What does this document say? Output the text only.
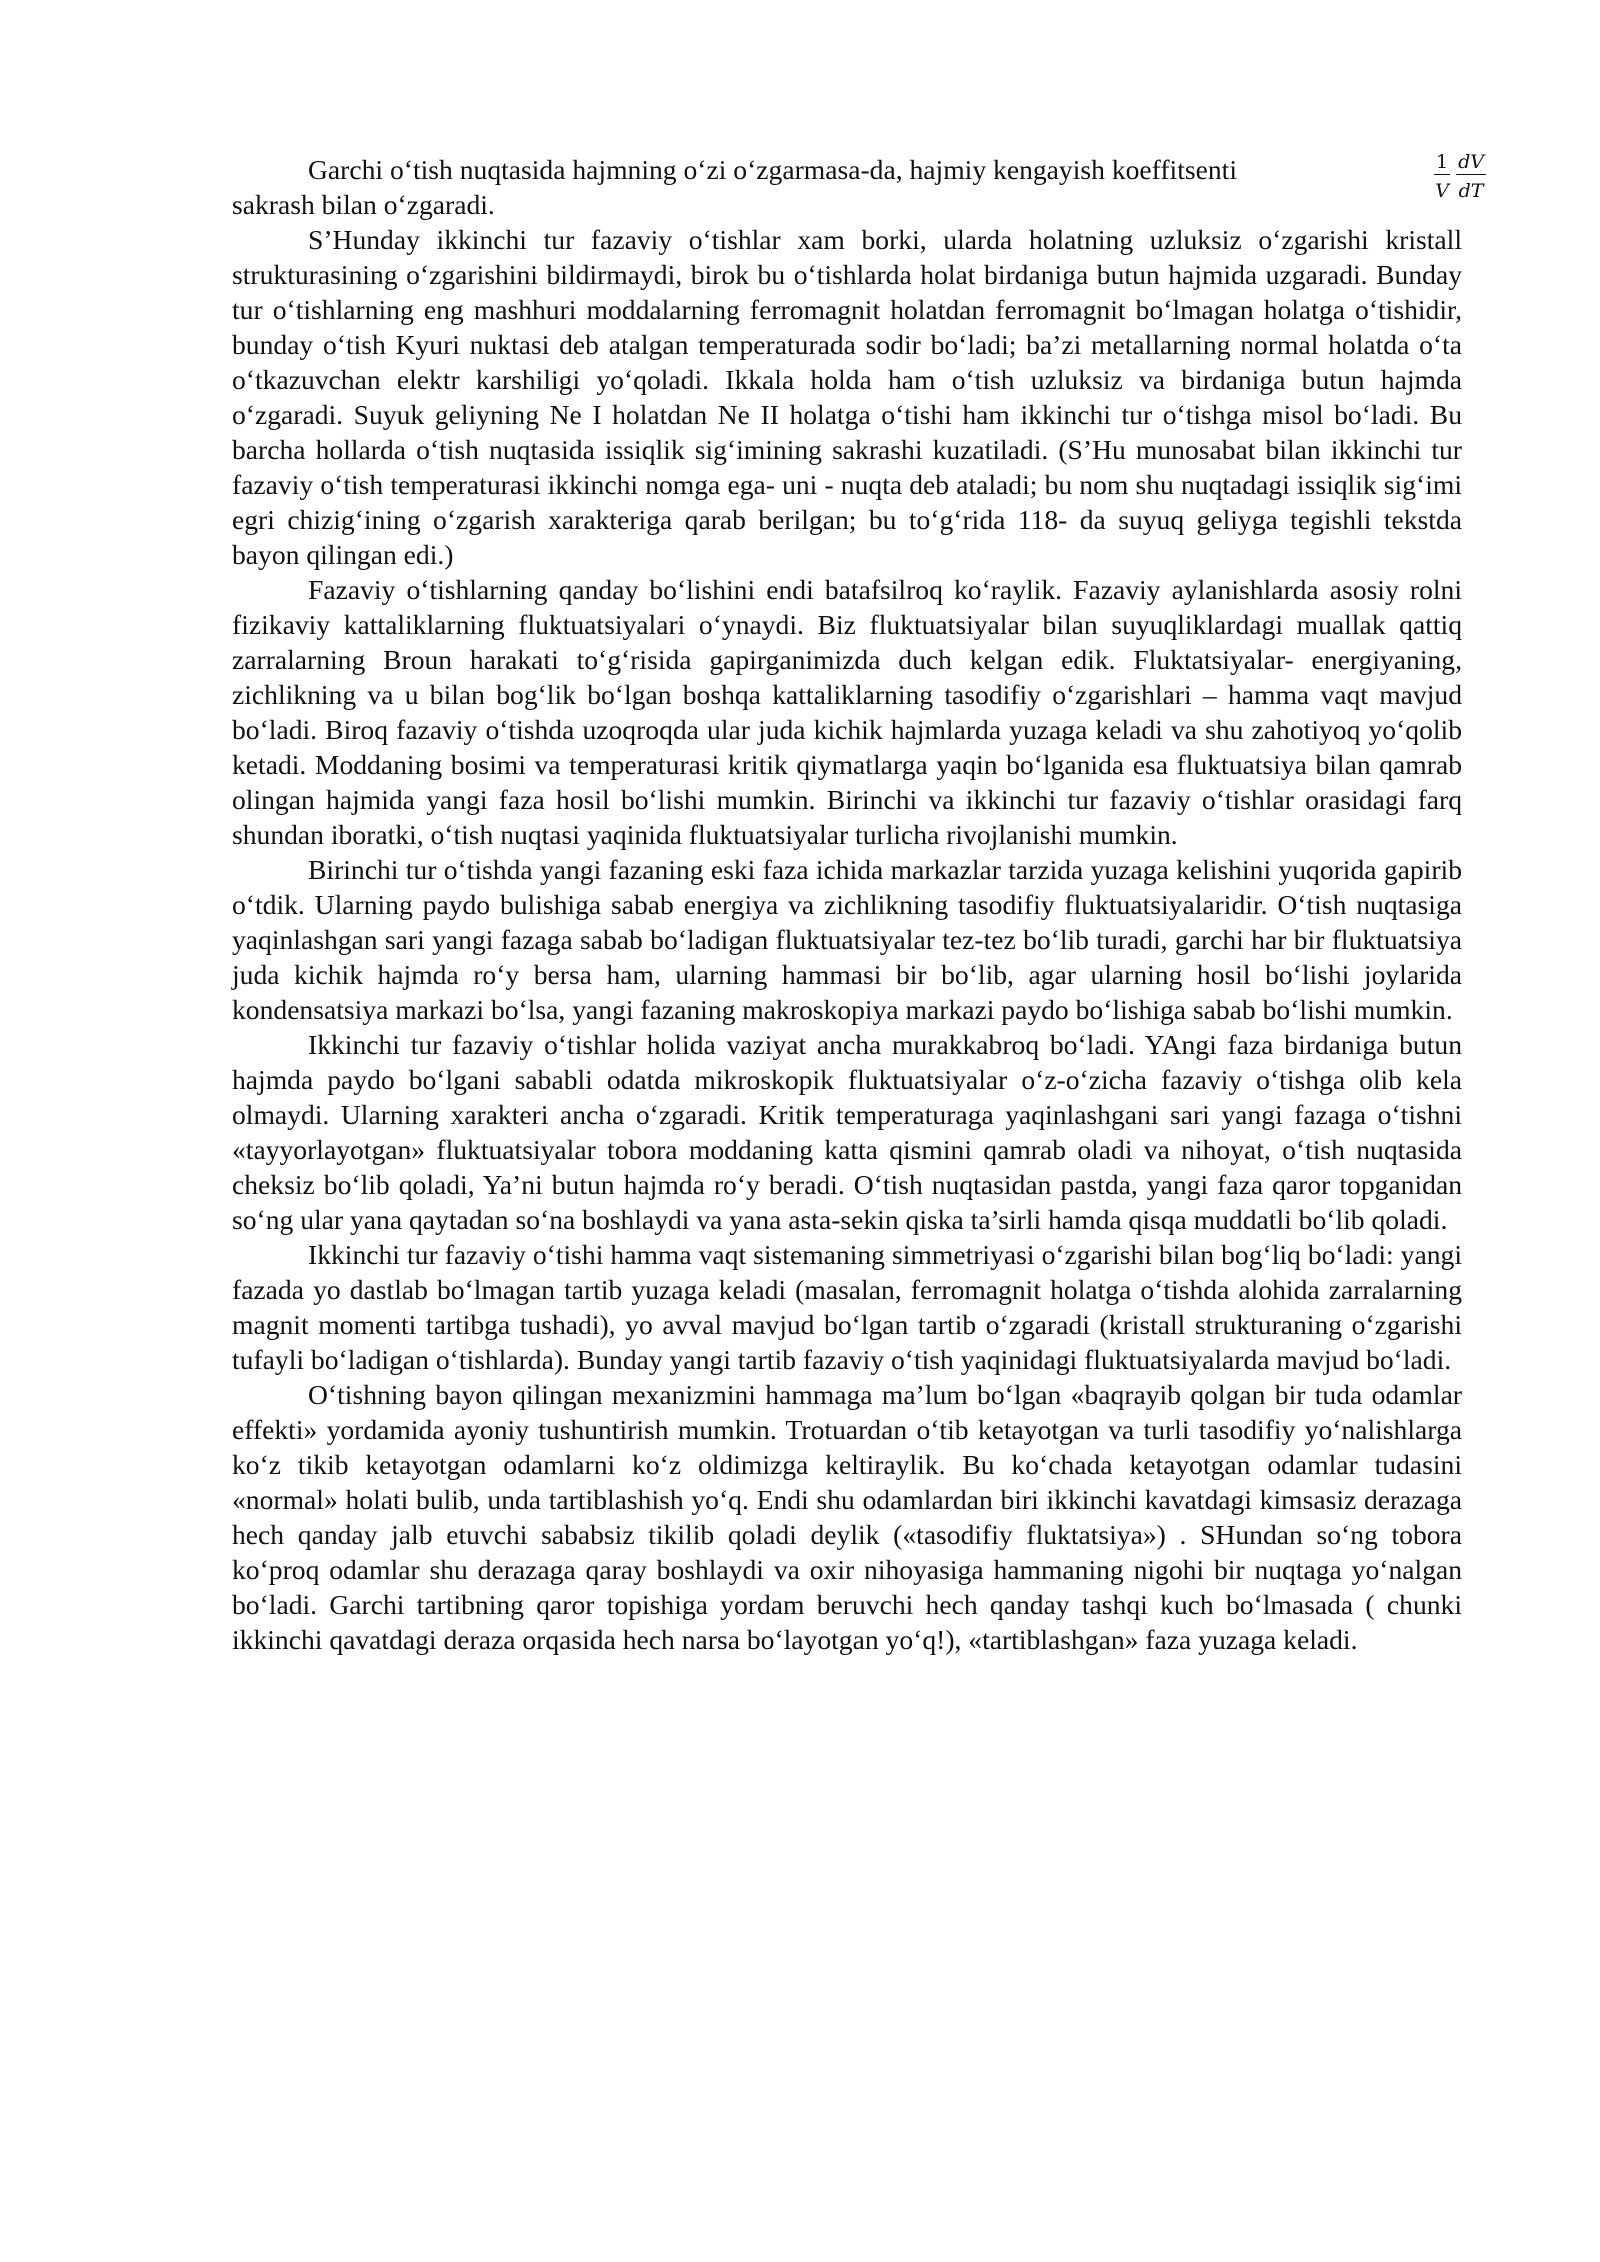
Garchi o‘tish nuqtasida hajmning o‘zi o‘zgarmasa-da, hajmiy kengayish koeffitsenti	$\frac{1}{V} \frac{dV}{dT}$
sakrash bilan o‘zgaradi.

S’Hunday ikkinchi tur fazaviy o‘tishlar xam borki, ularda holatning uzluksiz o‘zgarishi kristall strukturasining o‘zgarishini bildirmaydi, birok bu o‘tishlarda holat birdaniga butun hajmida uzgaradi. Bunday tur o‘tishlarning eng mashhuri moddalarning ferromagnit holatdan ferromagnit bo‘lmagan holatga o‘tishidir, bunday o‘tish Kyuri nuktasi deb atalgan temperaturada sodir bo‘ladi; ba’zi metallarning normal holatda o‘ta o‘tkazuvchan elektr karshiligi yo‘qoladi. Ikkala holda ham o‘tish uzluksiz va birdaniga butun hajmda o‘zgaradi. Suyuk geliyning Ne I holatdan Ne II holatga o‘tishi ham ikkinchi tur o‘tishga misol bo‘ladi. Bu barcha hollarda o‘tish nuqtasida issiqlik sig‘imining sakrashi kuzatiladi. (S’Hu munosabat bilan ikkinchi tur fazaviy o‘tish temperaturasi ikkinchi nomga ega- uni - nuqta deb ataladi; bu nom shu nuqtadagi issiqlik sig‘imi egri chizig‘ining o‘zgarish xarakteriga qarab berilgan; bu to‘g‘rida 118- da suyuq geliyga tegishli tekstda bayon qilingan edi.)

Fazaviy o‘tishlarning qanday bo‘lishini endi batafsilroq ko‘raylik. Fazaviy aylanishlarda asosiy rolni fizikaviy kattaliklarning fluktuatsiyalari o‘ynaydi. Biz fluktuatsiyalar bilan suyuqliklardagi muallak qattiq zarralarning Broun harakati to‘g‘risida gapirganimizda duch kelgan edik. Fluktatsiyalar- energiyaning, zichlikning va u bilan bog‘lik bo‘lgan boshqa kattaliklarning tasodifiy o‘zgarishlari – hamma vaqt mavjud bo‘ladi. Biroq fazaviy o‘tishda uzoqroqda ular juda kichik hajmlarda yuzaga keladi va shu zahotiyoq yo‘qolib ketadi. Moddaning bosimi va temperaturasi kritik qiymatlarga yaqin bo‘lganida esa fluktuatsiya bilan qamrab olingan hajmida yangi faza hosil bo‘lishi mumkin. Birinchi va ikkinchi tur fazaviy o‘tishlar orasidagi farq shundan iboratki, o‘tish nuqtasi yaqinida fluktuatsiyalar turlicha rivojlanishi mumkin.

Birinchi tur o‘tishda yangi fazaning eski faza ichida markazlar tarzida yuzaga kelishini yuqorida gapirib o‘tdik. Ularning paydo bulishiga sabab energiya va zichlikning tasodifiy fluktuatsiyalaridir. O‘tish nuqtasiga yaqinlashgan sari yangi fazaga sabab bo‘ladigan fluktuatsiyalar tez-tez bo‘lib turadi, garchi har bir fluktuatsiya juda kichik hajmda ro‘y bersa ham, ularning hammasi bir bo‘lib, agar ularning hosil bo‘lishi joylarida kondensatsiya markazi bo‘lsa, yangi fazaning makroskopiya markazi paydo bo‘lishiga sabab bo‘lishi mumkin.

Ikkinchi tur fazaviy o‘tishlar holida vaziyat ancha murakkabroq bo‘ladi. YAngi faza birdaniga butun hajmda paydo bo‘lgani sababli odatda mikroskopik fluktuatsiyalar o‘z-o‘zicha fazaviy o‘tishga olib kela olmaydi. Ularning xarakteri ancha o‘zgaradi. Kritik temperaturaga yaqinlashgani sari yangi fazaga o‘tishni «tayyorlayotgan» fluktuatsiyalar tobora moddaning katta qismini qamrab oladi va nihoyat, o‘tish nuqtasida cheksiz bo‘lib qoladi, Ya’ni butun hajmda ro‘y beradi. O‘tish nuqtasidan pastda, yangi faza qaror topganidan so‘ng ular yana qaytadan so‘na boshlaydi va yana asta-sekin qiska ta’sirli hamda qisqa muddatli bo‘lib qoladi.

Ikkinchi tur fazaviy o‘tishi hamma vaqt sistemaning simmetriyasi o‘zgarishi bilan bog‘liq bo‘ladi: yangi fazada yo dastlab bo‘lmagan tartib yuzaga keladi (masalan, ferromagnit holatga o‘tishda alohida zarralarning magnit momenti tartibga tushadi), yo avval mavjud bo‘lgan tartib o‘zgaradi (kristall strukturaning o‘zgarishi tufayli bo‘ladigan o‘tishlarda). Bunday yangi tartib fazaviy o‘tish yaqinidagi fluktuatsiyalarda mavjud bo‘ladi.

O‘tishning bayon qilingan mexanizmini hammaga ma’lum bo‘lgan «baqrayib qolgan bir tuda odamlar effekti» yordamida ayoniy tushuntirish mumkin. Trotuardan o‘tib ketayotgan va turli tasodifiy yo‘nalishlarga ko‘z tikib ketayotgan odamlarni ko‘z oldimizga keltiraylik. Bu ko‘chada ketayotgan odamlar tudasini «normal» holati bulib, unda tartiblashish yo‘q. Endi shu odamlardan biri ikkinchi kavatdagi kimsasiz derazaga hech qanday jalb etuvchi sababsiz tikilib qoladi deylik («tasodifiy fluktatsiya») . SHundan so‘ng tobora ko‘proq odamlar shu derazaga qaray boshlaydi va oxir nihoyasiga hammaning nigohi bir nuqtaga yo‘nalgan bo‘ladi. Garchi tartibning qaror topishiga yordam beruvchi hech qanday tashqi kuch bo‘lmasada ( chunki ikkinchi qavatdagi deraza orqasida hech narsa bo‘layotgan yo‘q!), «tartiblashgan» faza yuzaga keladi.
